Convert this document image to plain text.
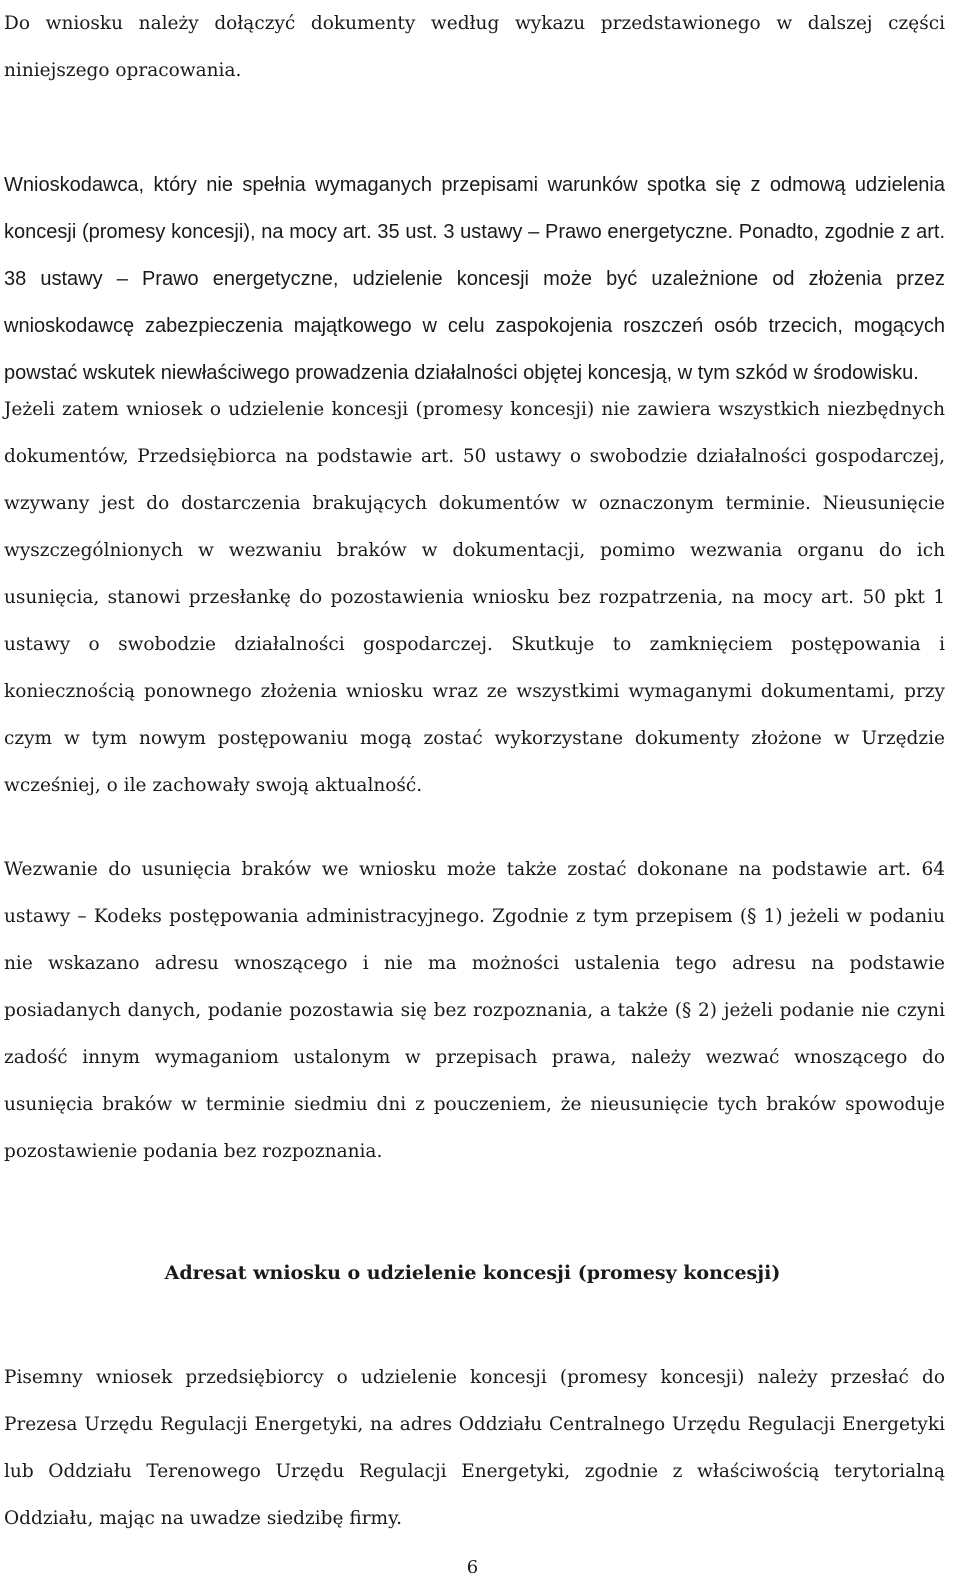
Do wniosku należy dołączyć dokumenty według wykazu przedstawionego w dalszej części niniejszego opracowania.

Wnioskodawca, który nie spełnia wymaganych przepisami warunków spotka się z odmową udzielenia koncesji (promesy koncesji), na mocy art. 35 ust. 3 ustawy – Prawo energetyczne. Ponadto, zgodnie z art. 38 ustawy – Prawo energetyczne, udzielenie koncesji może być uzależnione od złożenia przez wnioskodawcę zabezpieczenia majątkowego w celu zaspokojenia roszczeń osób trzecich, mogących powstać wskutek niewłaściwego prowadzenia działalności objętej koncesją, w tym szkód w środowisku.

Jeżeli zatem wniosek o udzielenie koncesji (promesy koncesji) nie zawiera wszystkich niezbędnych dokumentów, Przedsiębiorca na podstawie art. 50 ustawy o swobodzie działalności gospodarczej, wzywany jest do dostarczenia brakujących dokumentów w oznaczonym terminie. Nieusunięcie wyszczególnionych w wezwaniu braków w dokumentacji, pomimo wezwania organu do ich usunięcia, stanowi przesłankę do pozostawienia wniosku bez rozpatrzenia, na mocy art. 50 pkt 1 ustawy o swobodzie działalności gospodarczej. Skutkuje to zamknięciem postępowania i koniecznością ponownego złożenia wniosku wraz ze wszystkimi wymaganymi dokumentami, przy czym w tym nowym postępowaniu mogą zostać wykorzystane dokumenty złożone w Urzędzie wcześniej, o ile zachowały swoją aktualność.

Wezwanie do usunięcia braków we wniosku może także zostać dokonane na podstawie art. 64 ustawy – Kodeks postępowania administracyjnego. Zgodnie z tym przepisem (§ 1) jeżeli w podaniu nie wskazano adresu wnoszącego i nie ma możności ustalenia tego adresu na podstawie posiadanych danych, podanie pozostawia się bez rozpoznania, a także (§ 2) jeżeli podanie nie czyni zadość innym wymaganiom ustalonym w przepisach prawa, należy wezwać wnoszącego do usunięcia braków w terminie siedmiu dni z pouczeniem, że nieusunięcie tych braków spowoduje pozostawienie podania bez rozpoznania.

Adresat wniosku o udzielenie koncesji (promesy koncesji)

Pisemny wniosek przedsiębiorcy o udzielenie koncesji (promesy koncesji) należy przesłać do Prezesa Urzędu Regulacji Energetyki, na adres Oddziału Centralnego Urzędu Regulacji Energetyki lub Oddziału Terenowego Urzędu Regulacji Energetyki, zgodnie z właściwością terytorialną Oddziału, mając na uwadze siedzibę firmy.

6
